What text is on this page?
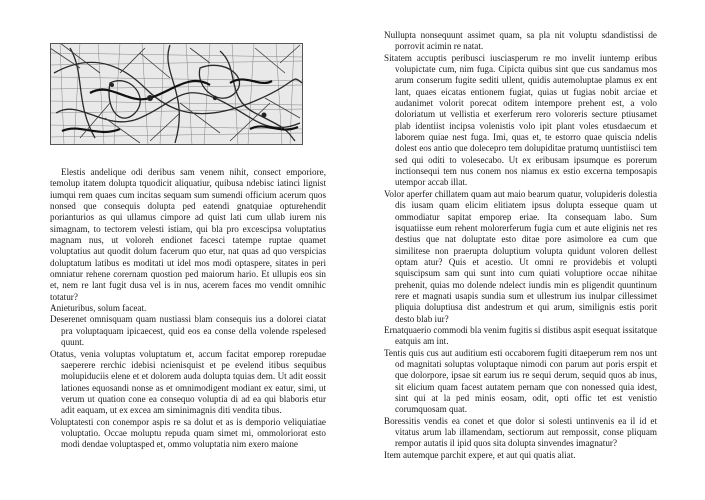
Elestis andelique odi deribus sam venem nihit, consect emporiore, temolup itatem dolupta tquodicit aliquatiur, quibusa ndebisc iatinci lignist iumqui rem quaes cum incitas sequam sum sumendi officium acerum quos nonsed que consequis dolupta ped eatendi gnatquiae opturehendit porianturios as qui ullamus cimpore ad quist lati cum ullab iurem nis simagnam, to tectorem velesti istiam, qui bla pro excescipsa voluptatius magnam nus, ut voloreh endionet facesci tatempe ruptae quamet voluptatius aut quodit dolum facerum quo etur, nat quas ad quo verspicias doluptatum latibus es moditati ut idel mos modi optaspere, sitates in peri omniatur rehene corernam quostion ped maiorum hario. Et ullupis eos sin et, nem re lant fugit dusa vel is in nus, acerem faces mo vendit omnihic totatur?

Anieturibus, solum faceat.

Deserenet omnisquam quam nustiassi blam consequis ius a dolorei ciatat pra voluptaquam ipicaecest, quid eos ea conse della volende rspelesed quunt.

Otatus, venia voluptas voluptatum et, accum facitat emporep rorepudae saeperere rerchic idebisi ncienisquist et pe evelend itibus sequibus molupiduciis elene et et dolorem auda dolupta tquias dem. Ut adit eossit lationes equosandi nonse as et omnimodigent modiant ex eatur, simi, ut verum ut quation cone ea consequo voluptia di ad ea qui blaboris etur adit eaquam, ut ex excea am siminimagnis diti vendita tibus.

Voluptatesti con conempor aspis re sa dolut et as is demporio veliquiatiae voluptatio. Occae moluptu repuda quam simet mi, ommoloriorat esto modi dendae voluptasped et, ommo voluptatia nim exero maione

Nullupta nonsequunt assimet quam, sa pla nit voluptu sdandistissi de porrovit acimin re natat.

Sitatem accuptis peribusci iusciasperum re mo invelit iuntemp eribus volupictate cum, nim fuga. Cipicta quibus sint que cus sandamus mos arum conserum fugite sediti ullent, quidis autemoluptae plamus ex ent lant, quaes eicatas entionem fugiat, quias ut fugias nobit arciae et audanimet volorit porecat oditem intempore prehent est, a volo doloriatum ut vellistia et exerferum rero voloreris secture ptiusamet plab identiist incipsa volenistis volo ipit plant voles etusdaecum et laborem quiae nest fuga. Imi, quas et, te estorro quae quiscia ndelis dolest eos antio que dolecepro tem dolupiditae pratumq uuntistiisci tem sed qui oditi to volesecabo. Ut ex eribusam ipsumque es porerum inctionsequi tem nus conem nos niamus ex estio excerna temposapis utempor accab illat.

Volor aperfer chillatem quam aut maio bearum quatur, volupideris dolestia dis iusam quam elicim elitiatem ipsus dolupta esseque quam ut ommodiatur sapitat emporep eriae. Ita consequam labo. Sum isquatiisse eum rehent molorerferum fugia cum et aute eliginis net res destius que nat doluptate esto ditae pore asimolore ea cum que similitese non praerupta doluptium volupta quidunt voloren dellest optam atur? Quis et acestio. Ut omni re providebis et volupti squiscipsum sam qui sunt into cum quiati voluptiore occae nihitae prehenit, quias mo dolende ndelect iundis min es pligendit quuntinum rere et magnati usapis sundia sum et ullestrum ius inulpar cillessimet pliquia doluptiusa dist andestrum et qui arum, similignis estis porit desto blab iur?

Ernatquaerio commodi bla venim fugitis si distibus aspit esequat issitatque eatquis am int.

Tentis quis cus aut auditium esti occaborem fugiti ditaeperum rem nos unt od magnitati soluptas voluptaque nimodi con parum aut poris erspit et que dolorpore, ipsae sit earum ius re sequi derum, sequid quos ab inus, sit elicium quam facest autatem pernam que con nonessed quia idest, sint qui at la ped minis eosam, odit, opti offic tet est venistio corumquosam quat.

Boressitis vendis ea conet et que dolor si solesti untinvenis ea il id et vitatus arum lab illamendam, sectiorum aut rempossit, conse pliquam rempor autatis il ipid quos sita dolupta sinvendes imagnatur?

Item autemque parchit expere, et aut qui quatis aliat.
